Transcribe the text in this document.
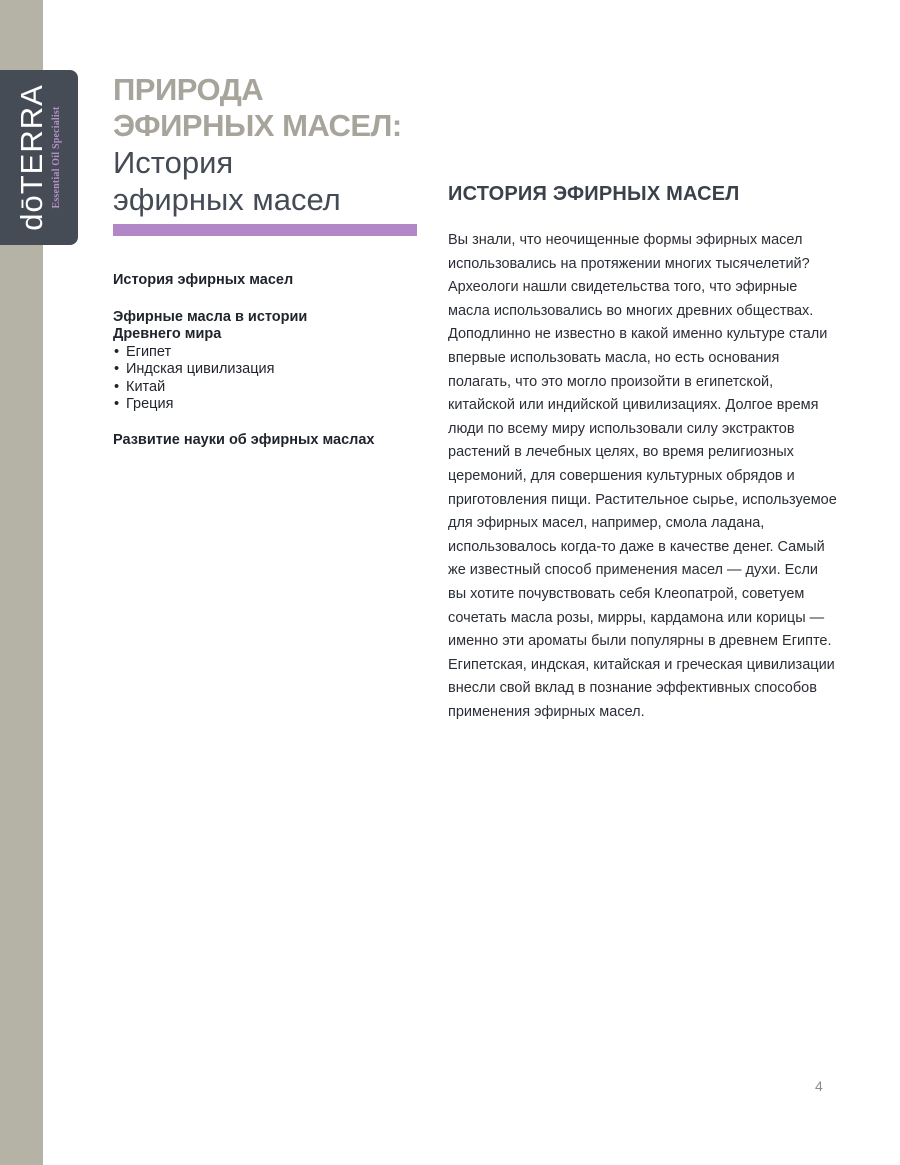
dōTERRA Essential Oil Specialist

ПРИРОДА

ЭФИРНЫХ МАСЕЛ:

История

эфирных масел

История эфирных масел

Эфирные масла в истории

Древнего мира

• Египет
• Индская цивилизация
• Китай
• Греция

Развитие науки об эфирных маслах

ИСТОРИЯ ЭФИРНЫХ МАСЕЛ

Вы знали, что неочищенные формы эфирных масел использовались на протяжении многих тысячелетий? Археологи нашли свидетельства того, что эфирные масла использовались во многих древних обществах. Доподлинно не известно в какой именно культуре стали впервые использовать масла, но есть основания полагать, что это могло произойти в египетской, китайской или индийской цивилизациях. Долгое время люди по всему миру использовали силу экстрактов растений в лечебных целях, во время религиозных церемоний, для совершения культурных обрядов и приготовления пищи. Растительное сырье, используемое для эфирных масел, например, смола ладана, использовалось когда-то даже в качестве денег. Самый же известный способ применения масел — духи. Если вы хотите почувствовать себя Клеопатрой, советуем сочетать масла розы, мирры, кардамона или корицы — именно эти ароматы были популярны в древнем Египте. Египетская, индская, китайская и греческая цивилизации внесли свой вклад в познание эффективных способов применения эфирных масел.

4
